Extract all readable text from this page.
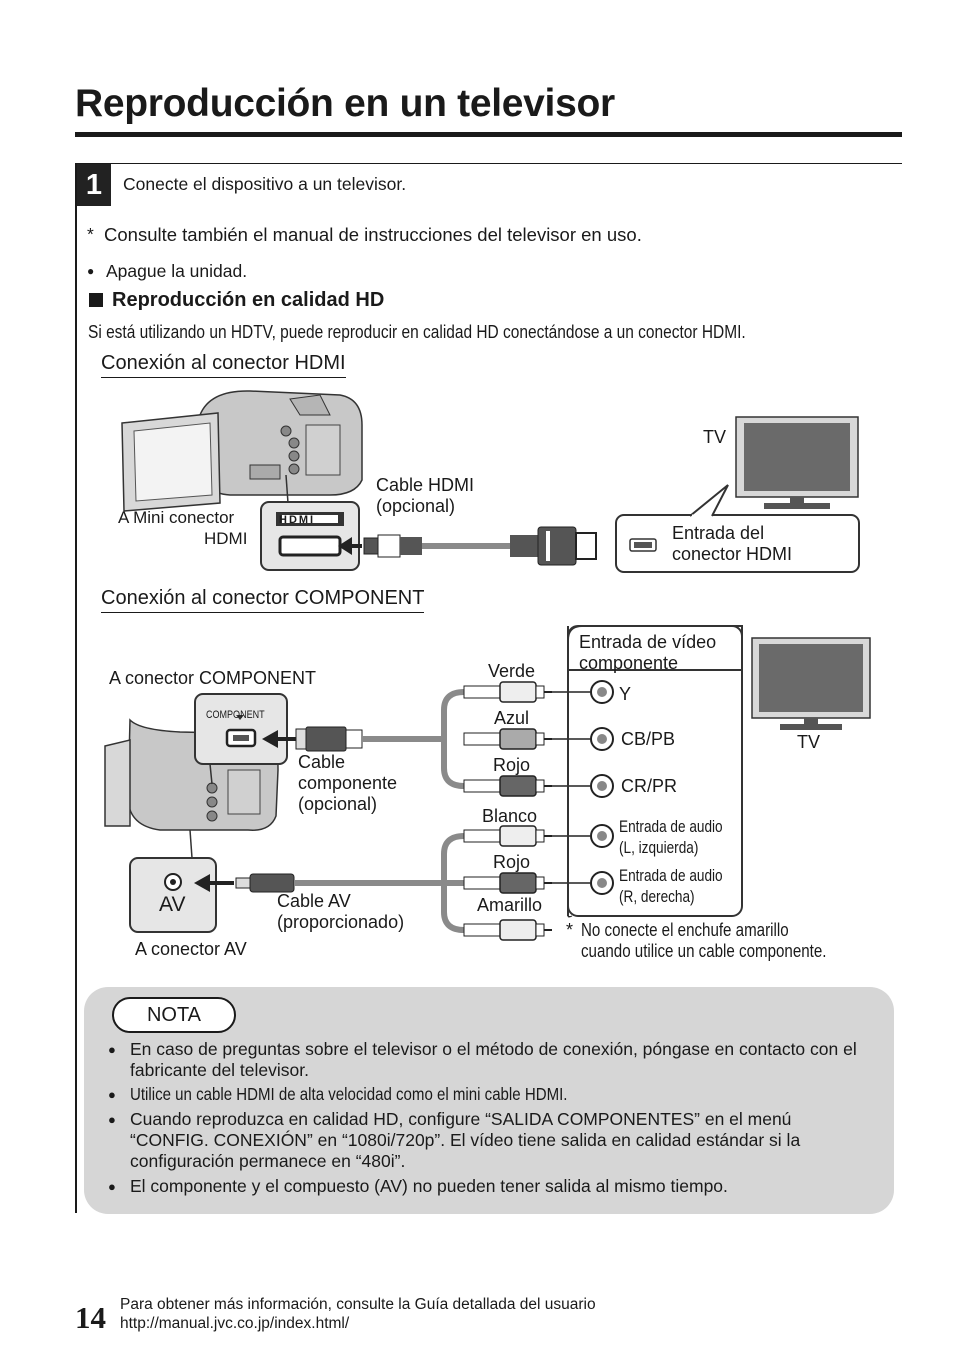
Reproducción en un televisor
1	Conecte el dispositivo a un televisor.
* Consulte también el manual de instrucciones del televisor en uso.
● Apague la unidad.
Reproducción en calidad HD
Si está utilizando un HDTV, puede reproducir en calidad HD conectándose a un conector HDMI.
Conexión al conector HDMI
A Mini conector
HDMI
HDMI
Cable HDMI
(opcional)
TV
Entrada del
conector HDMI
Conexión al conector COMPONENT
A conector COMPONENT
COMPONENT
Cable
componente
(opcional)
Verde
Azul
Rojo
Blanco
Rojo
Amarillo
Entrada de vídeo
componente
TV
Y
CB/PB
CR/PR
Entrada de audio
(L, izquierda)
Entrada de audio
(R, derecha)
AV	Cable AV
(proporcionado)
A conector AV
* No conecte el enchufe amarillo
cuando utilice un cable componente.
NOTA
● En caso de preguntas sobre el televisor o el método de conexión, póngase en contacto con el fabricante del televisor.
● Utilice un cable HDMI de alta velocidad como el mini cable HDMI.
● Cuando reproduzca en calidad HD, configure “SALIDA COMPONENTES” en el menú “CONFIG. CONEXIÓN” en “1080i/720p”. El vídeo tiene salida en calidad estándar si la configuración permanece en “480i”.
● El componente y el compuesto (AV) no pueden tener salida al mismo tiempo.
14 Para obtener más información, consulte la Guía detallada del usuario
http://manual.jvc.co.jp/index.html/
